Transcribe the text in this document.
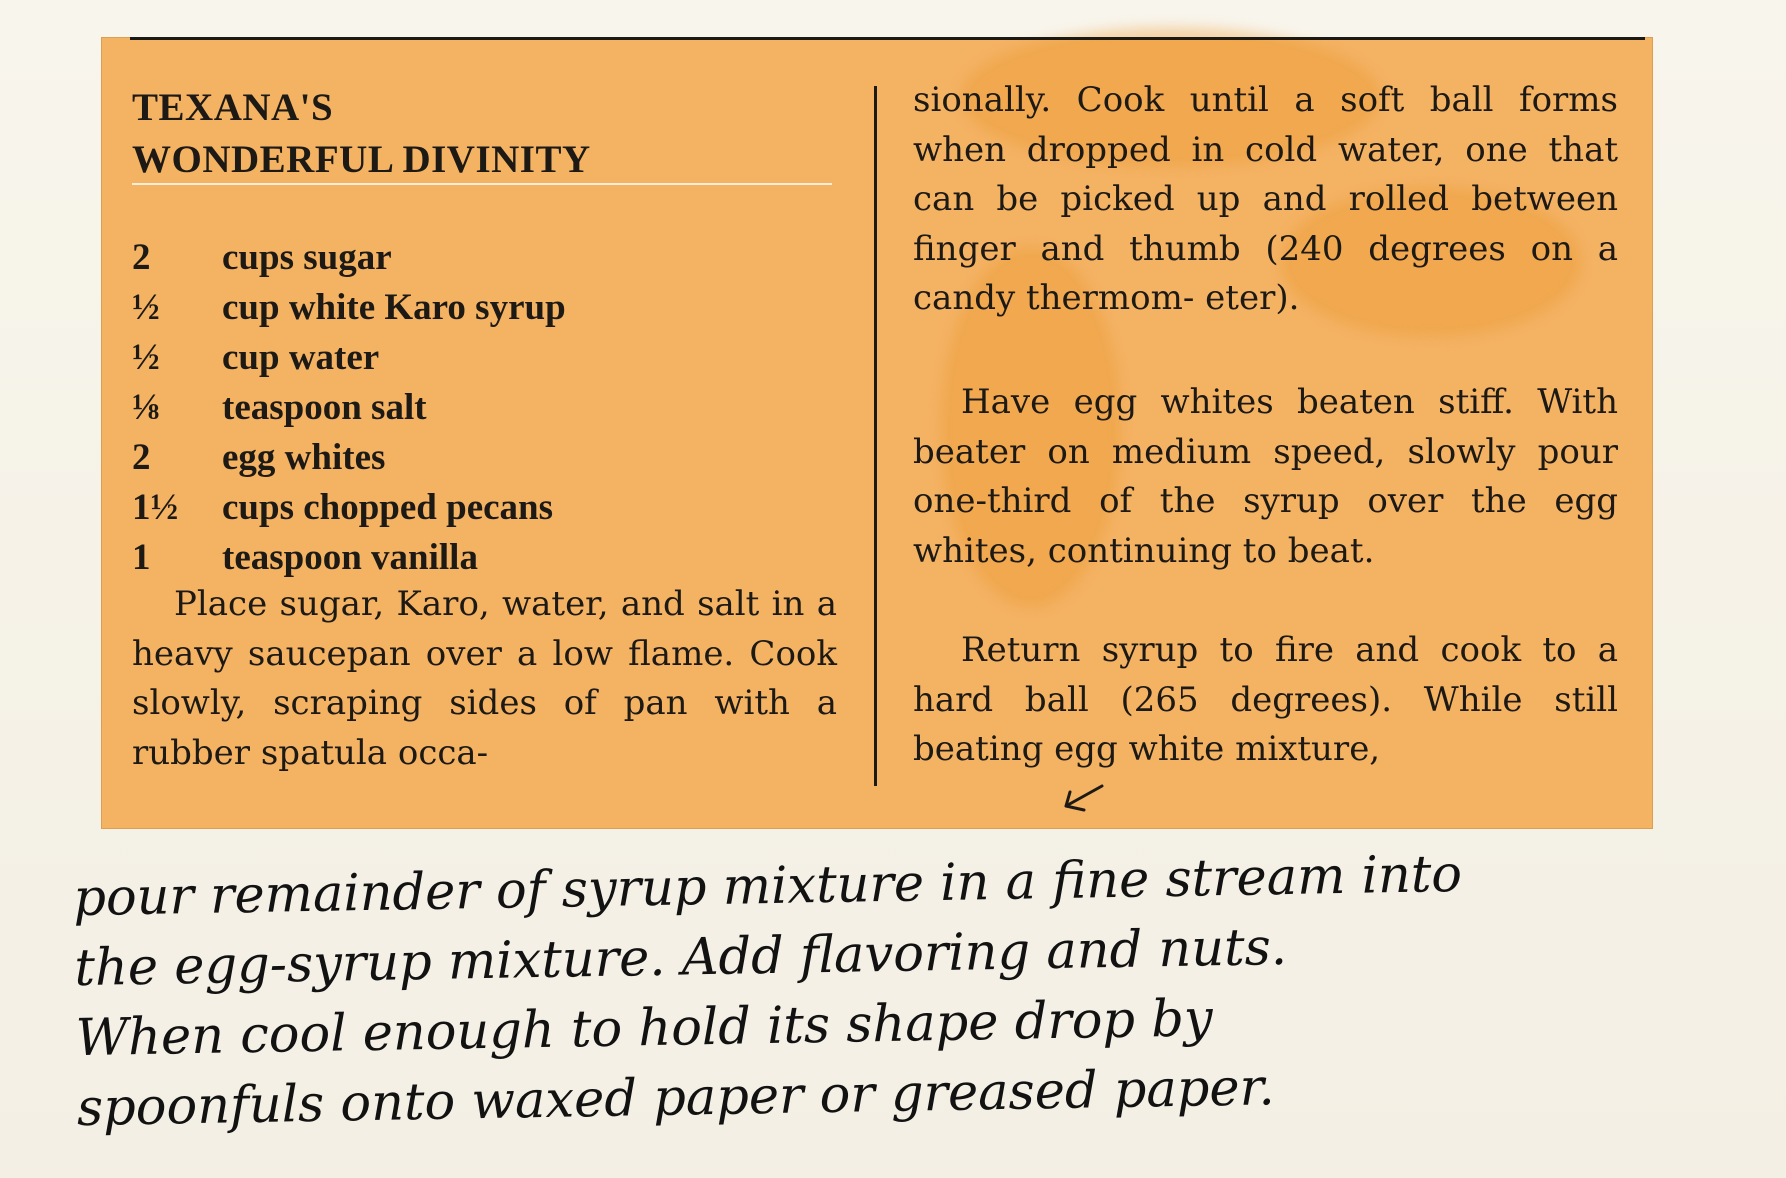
TEXANA'S
WONDERFUL DIVINITY
2	cups sugar
½	cup white Karo syrup
½	cup water
⅛	teaspoon salt
2	egg whites
1½	cups chopped pecans
1	teaspoon vanilla
Place sugar, Karo, water, and salt in a heavy saucepan over a low flame. Cook slowly, scraping sides of pan with a rubber spatula occa-
sionally. Cook until a soft ball forms when dropped in cold water, one that can be picked up and rolled between finger and thumb (240 degrees on a candy thermom- eter).
Have egg whites beaten stiff. With beater on medium speed, slowly pour one-third of the syrup over the egg whites, continuing to beat.
Return syrup to fire and cook to a hard ball (265 degrees). While still beating egg white mixture,
pour remainder of syrup mixture in a fine stream into
the egg-syrup mixture. Add flavoring and nuts.
When cool enough to hold its shape drop by
spoonfuls onto waxed paper or greased paper.
